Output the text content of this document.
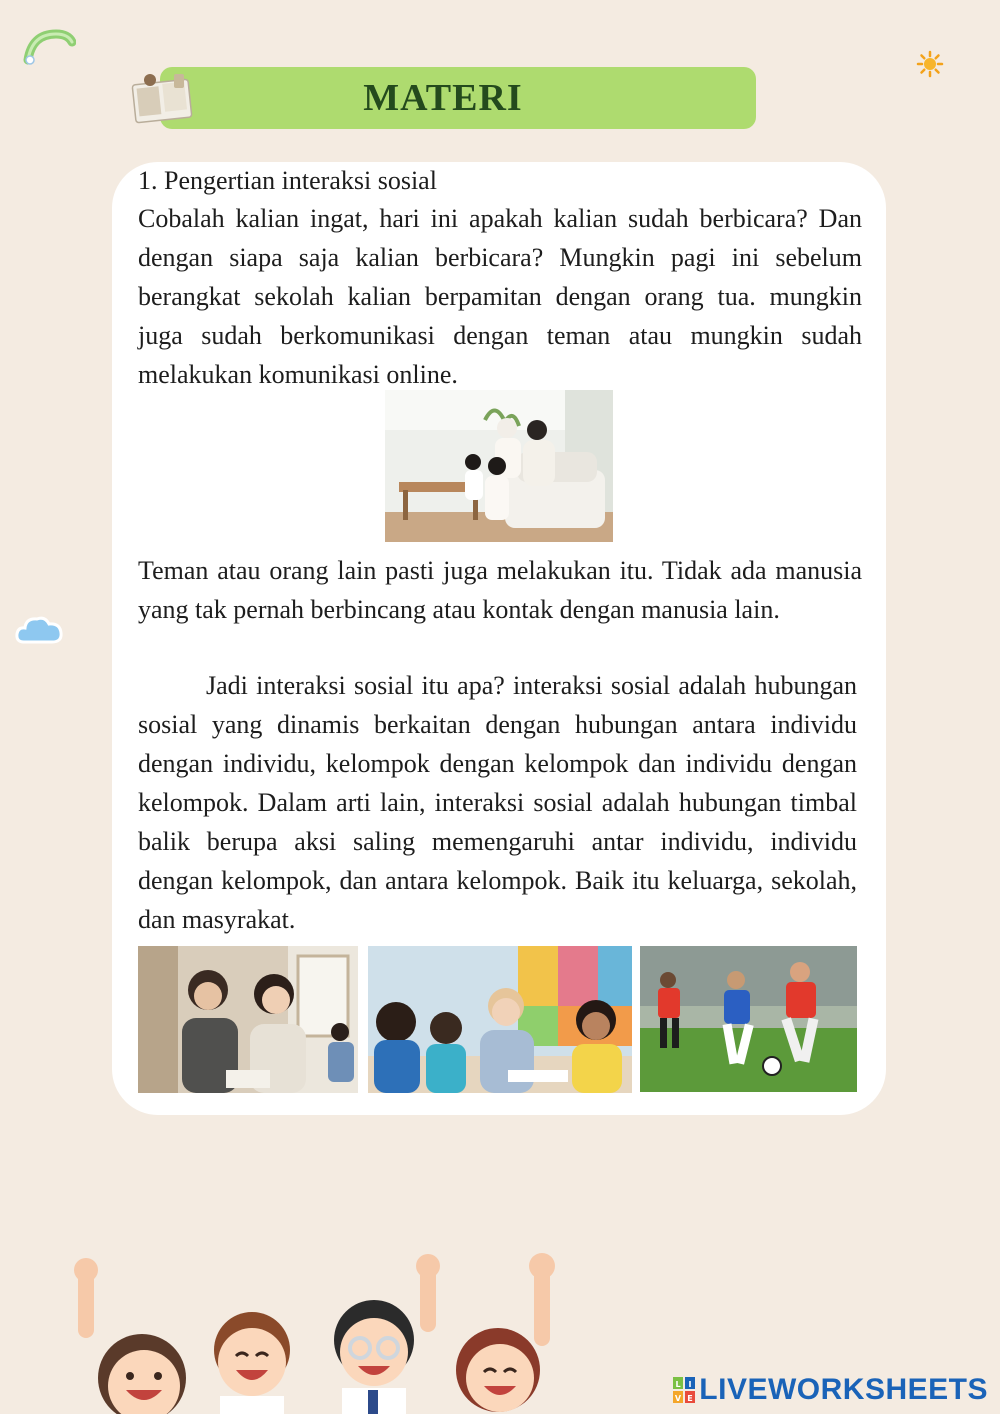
MATERI
1. Pengertian interaksi sosial
Cobalah kalian ingat, hari ini apakah kalian sudah berbicara? Dan dengan siapa saja kalian berbicara? Mungkin pagi ini sebelum berangkat sekolah kalian berpamitan dengan orang tua. mungkin juga sudah berkomunikasi dengan teman atau mungkin sudah melakukan komunikasi online.
Teman atau orang lain pasti juga melakukan itu. Tidak ada manusia yang tak pernah berbincang atau kontak dengan manusia lain.
Jadi interaksi sosial itu apa? interaksi sosial adalah hubungan sosial yang dinamis berkaitan dengan hubungan antara individu dengan individu, kelompok dengan kelompok dan individu dengan kelompok. Dalam arti lain, interaksi sosial adalah hubungan timbal balik berupa aksi saling memengaruhi antar individu, individu dengan kelompok, dan antara kelompok. Baik itu keluarga, sekolah, dan masyrakat.
L I
V E LIVEWORKSHEETS
